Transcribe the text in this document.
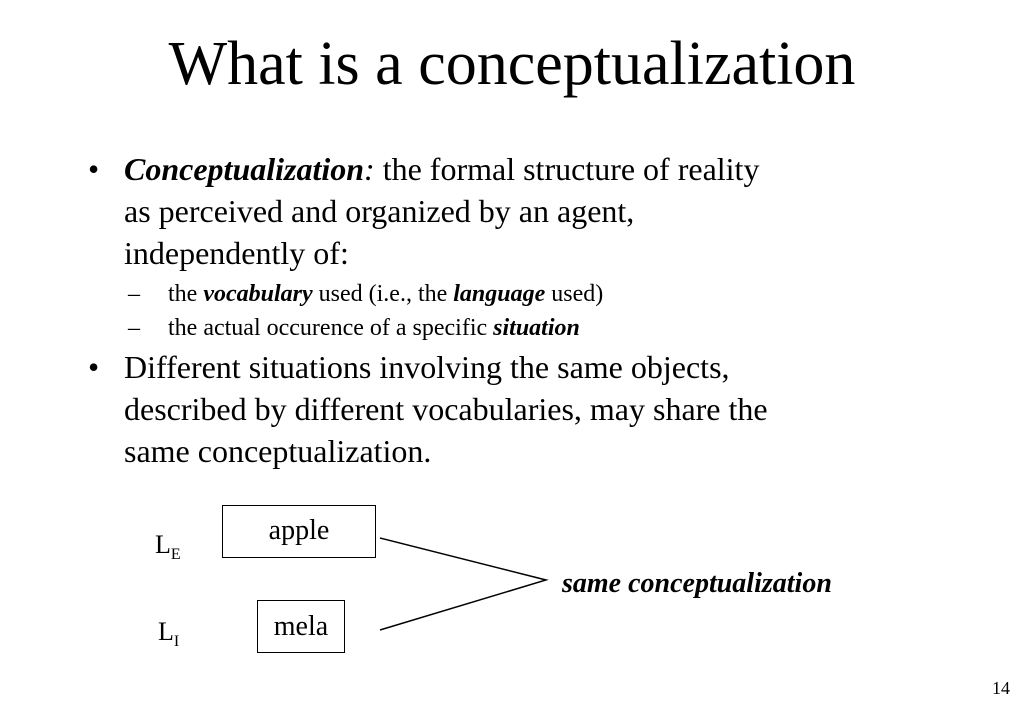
What is a conceptualization
• Conceptualization: the formal structure of reality
as perceived and organized by an agent,
independently of:
– the vocabulary used (i.e., the language used)
– the actual occurence of a specific situation
• Different situations involving the same objects,
described by different vocabularies, may share the
same conceptualization.
$L_E$
apple
$L_I$	mela
same conceptualization
14
